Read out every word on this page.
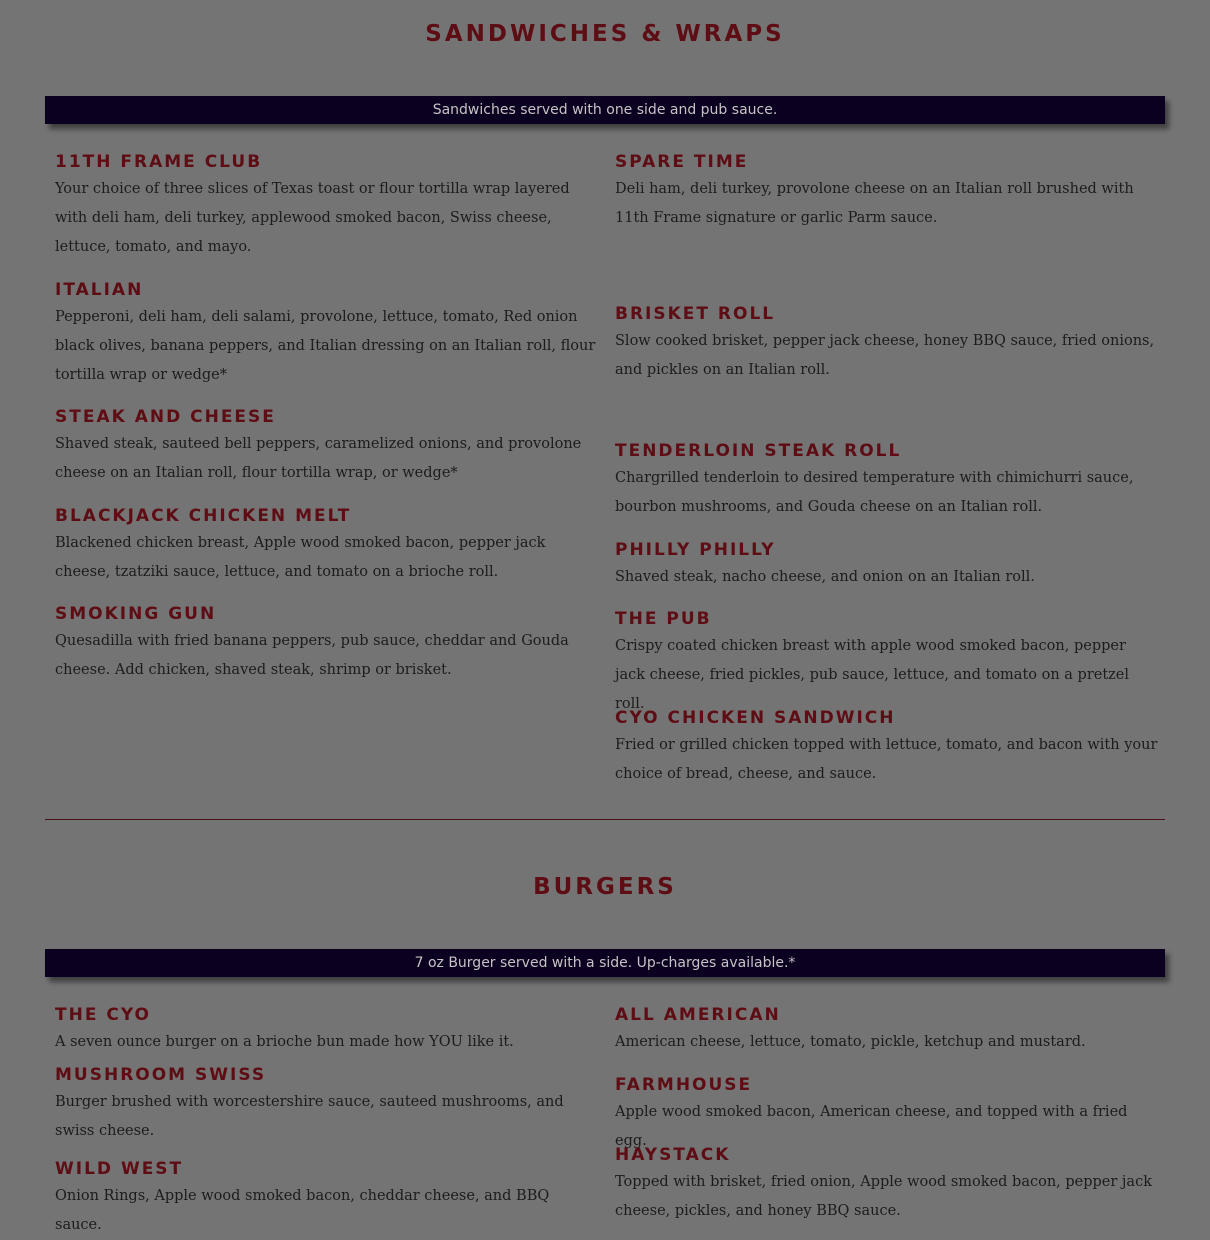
SANDWICHES & WRAPS
Sandwiches served with one side and pub sauce.
11TH FRAME CLUB

Your choice of three slices of Texas toast or flour tortilla wrap layered with deli ham, deli turkey, applewood smoked bacon, Swiss cheese, lettuce, tomato, and mayo.

SPARE TIME

Deli ham, deli turkey, provolone cheese on an Italian roll brushed with 11th Frame signature or garlic Parm sauce.

ITALIAN

Pepperoni, deli ham, deli salami, provolone, lettuce, tomato, Red onion black olives, banana peppers, and Italian dressing on an Italian roll, flour tortilla wrap or wedge*

BRISKET ROLL

Slow cooked brisket, pepper jack cheese, honey BBQ sauce, fried onions, and pickles on an Italian roll.

STEAK AND CHEESE

Shaved steak, sauteed bell peppers, caramelized onions, and provolone cheese on an Italian roll, flour tortilla wrap, or wedge*

TENDERLOIN STEAK ROLL

Chargrilled tenderloin to desired temperature with chimichurri sauce, bourbon mushrooms, and Gouda cheese on an Italian roll.

BLACKJACK CHICKEN MELT

Blackened chicken breast, Apple wood smoked bacon, pepper jack cheese, tzatziki sauce, lettuce, and tomato on a brioche roll.

PHILLY PHILLY

Shaved steak, nacho cheese, and onion on an Italian roll.

SMOKING GUN

Quesadilla with fried banana peppers, pub sauce, cheddar and Gouda cheese. Add chicken, shaved steak, shrimp or brisket.

THE PUB

Crispy coated chicken breast with apple wood smoked bacon, pepper jack cheese, fried pickles, pub sauce, lettuce, and tomato on a pretzel roll.

CYO CHICKEN SANDWICH

Fried or grilled chicken topped with lettuce, tomato, and bacon with your choice of bread, cheese, and sauce.

BURGERS
7 oz Burger served with a side. Up-charges available.*
THE CYO

A seven ounce burger on a brioche bun made how YOU like it.

ALL AMERICAN

American cheese, lettuce, tomato, pickle, ketchup and mustard.

MUSHROOM SWISS

Burger brushed with worcestershire sauce, sauteed mushrooms, and swiss cheese.

FARMHOUSE

Apple wood smoked bacon, American cheese, and topped with a fried egg.

WILD WEST

Onion Rings, Apple wood smoked bacon, cheddar cheese, and BBQ sauce.

HAYSTACK

Topped with brisket, fried onion, Apple wood smoked bacon, pepper jack cheese, pickles, and honey BBQ sauce.
